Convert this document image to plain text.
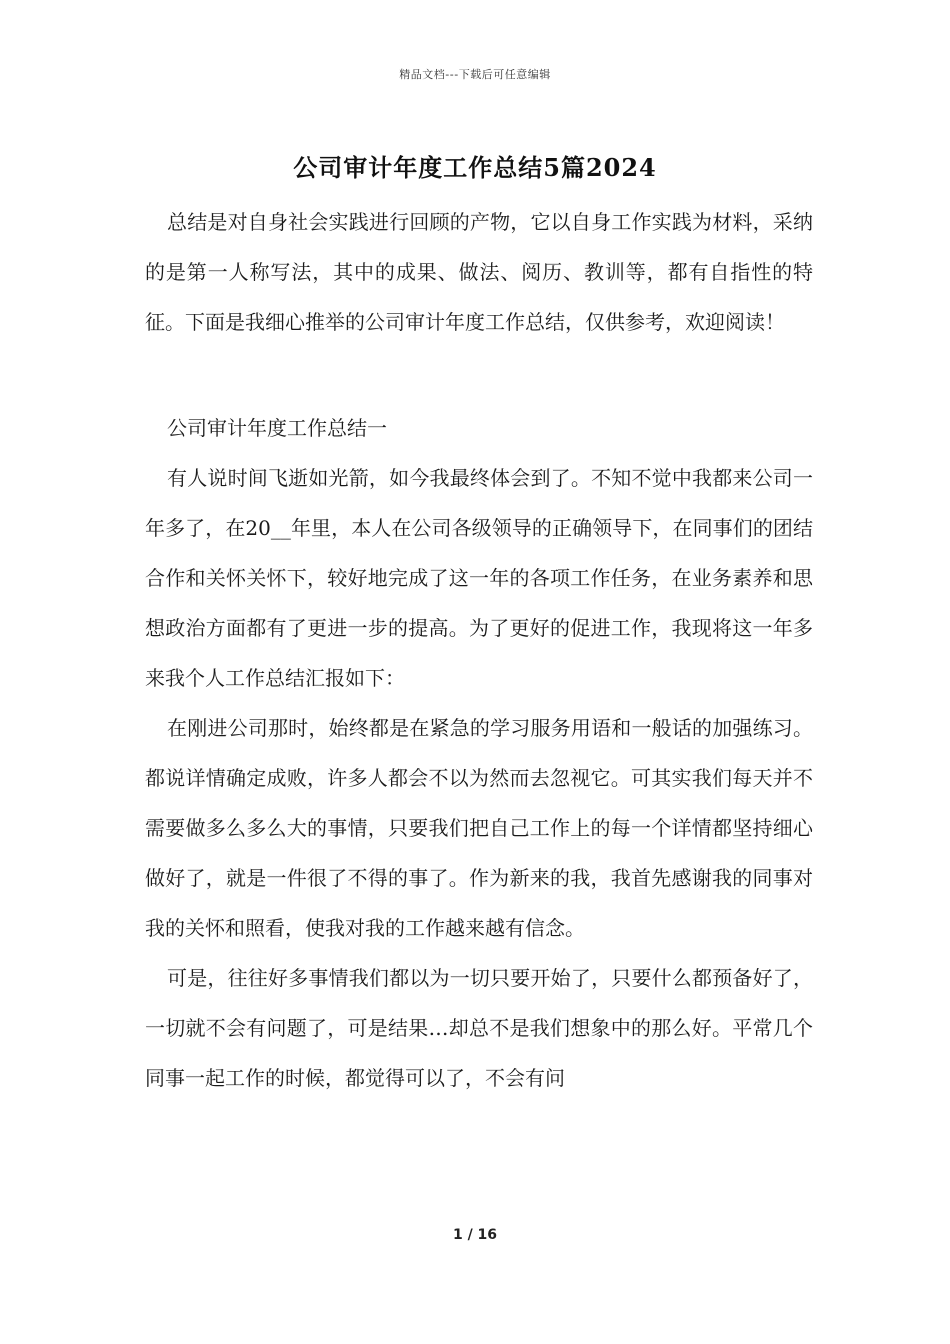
精品文档---下载后可任意编辑
公司审计年度工作总结5篇2024

总结是对自身社会实践进行回顾的产物，它以自身工作实践为材料，采纳的是第一人称写法，其中的成果、做法、阅历、教训等，都有自指性的特征。下面是我细心推举的公司审计年度工作总结，仅供参考，欢迎阅读！

公司审计年度工作总结一

有人说时间飞逝如光箭，如今我最终体会到了。不知不觉中我都来公司一年多了，在20__年里，本人在公司各级领导的正确领导下，在同事们的团结合作和关怀关怀下，较好地完成了这一年的各项工作任务，在业务素养和思想政治方面都有了更进一步的提高。为了更好的促进工作，我现将这一年多来我个人工作总结汇报如下：

在刚进公司那时，始终都是在紧急的学习服务用语和一般话的加强练习。都说详情确定成败，许多人都会不以为然而去忽视它。可其实我们每天并不需要做多么多么大的事情，只要我们把自己工作上的每一个详情都坚持细心做好了，就是一件很了不得的事了。作为新来的我，我首先感谢我的同事对我的关怀和照看，使我对我的工作越来越有信念。

可是，往往好多事情我们都以为一切只要开始了，只要什么都预备好了，一切就不会有问题了，可是结果…却总不是我们想象中的那么好。平常几个同事一起工作的时候，都觉得可以了，不会有问

1 / 16
